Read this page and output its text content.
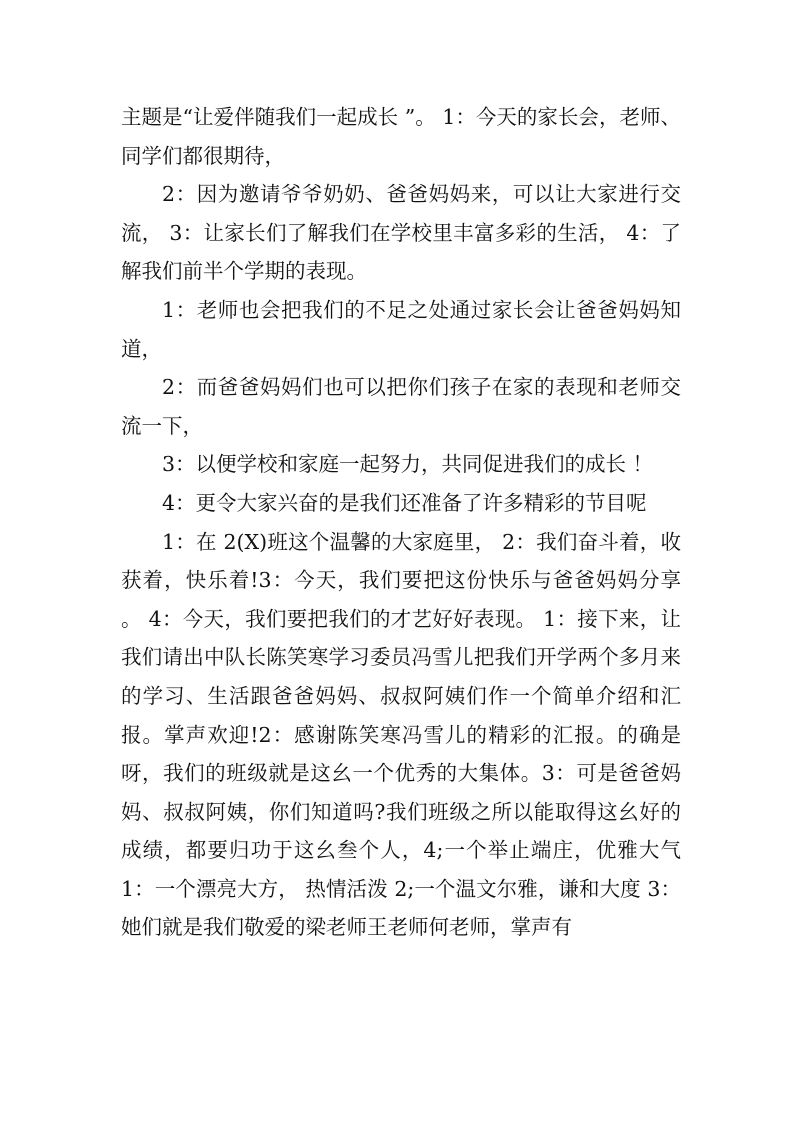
主题是“让爱伴随我们一起成长 ”。 1：今天的家长会，老师、同学们都很期待，

2：因为邀请爷爷奶奶、爸爸妈妈来，可以让大家进行交流， 3：让家长们了解我们在学校里丰富多彩的生活， 4：了解我们前半个学期的表现。

1：老师也会把我们的不足之处通过家长会让爸爸妈妈知道，

2：而爸爸妈妈们也可以把你们孩子在家的表现和老师交流一下，

3：以便学校和家庭一起努力，共同促进我们的成长 ！

4：更令大家兴奋的是我们还准备了许多精彩的节目呢

1：在 2(X)班这个温馨的大家庭里， 2：我们奋斗着，收获着，快乐着!3：今天，我们要把这份快乐与爸爸妈妈分享 。 4：今天，我们要把我们的才艺好好表现。 1：接下来，让我们请出中队长陈笑寒学习委员冯雪儿把我们开学两个多月来的学习、生活跟爸爸妈妈、叔叔阿姨们作一个简单介绍和汇报。掌声欢迎!2：感谢陈笑寒冯雪儿的精彩的汇报。的确是呀，我们的班级就是这幺一个优秀的大集体。3：可是爸爸妈妈、叔叔阿姨，你们知道吗?我们班级之所以能取得这幺好的成绩，都要归功于这幺叁个人，4;一个举止端庄，优雅大气 1：一个漂亮大方， 热情活泼 2;一个温文尔雅，谦和大度 3：她们就是我们敬爱的梁老师王老师何老师，掌声有
